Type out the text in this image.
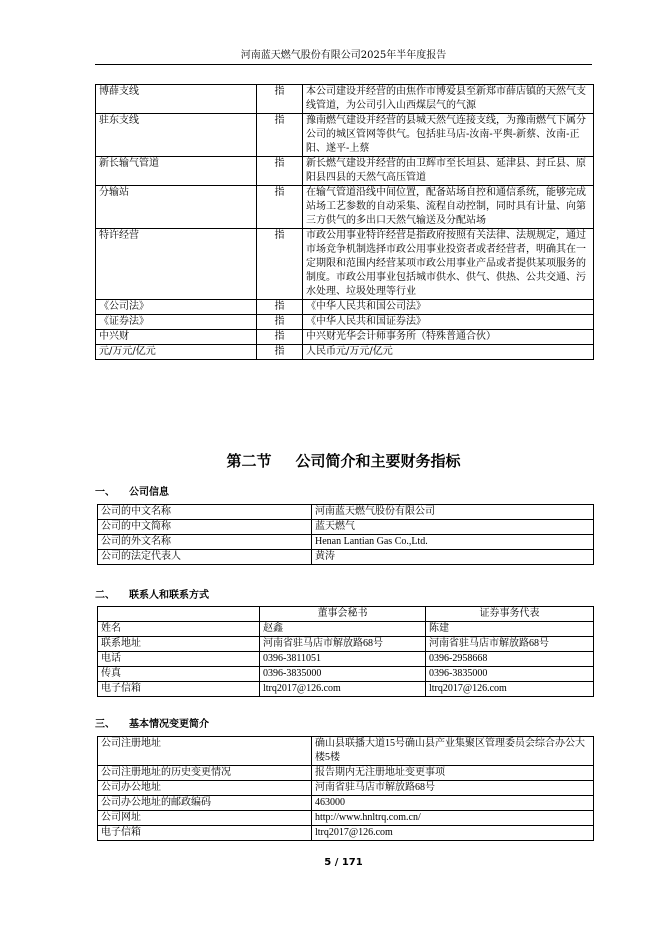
河南蓝天燃气股份有限公司2025年半年度报告
博薛支线	指	本公司建设并经营的由焦作市博爱县至新郑市薛店镇的天然气支线管道，为公司引入山西煤层气的气源
驻东支线	指	豫南燃气建设并经营的县城天然气连接支线，为豫南燃气下属分公司的城区管网等供气。包括驻马店-汝南-平舆-新蔡、汝南-正阳、遂平-上蔡
新长输气管道	指	新长燃气建设并经营的由卫辉市至长垣县、延津县、封丘县、原阳县四县的天然气高压管道
分输站	指	在输气管道沿线中间位置，配备站场自控和通信系统，能够完成站场工艺参数的自动采集、流程自动控制，同时具有计量、向第三方供气的多出口天然气输送及分配站场
特许经营	指	市政公用事业特许经营是指政府按照有关法律、法规规定，通过市场竞争机制选择市政公用事业投资者或者经营者，明确其在一定期限和范围内经营某项市政公用事业产品或者提供某项服务的制度。市政公用事业包括城市供水、供气、供热、公共交通、污水处理、垃圾处理等行业
《公司法》	指	《中华人民共和国公司法》
《证券法》	指	《中华人民共和国证券法》
中兴财	指	中兴财光华会计师事务所（特殊普通合伙）
元/万元/亿元	指	人民币元/万元/亿元
第二节 公司简介和主要财务指标
一、 公司信息
公司的中文名称	河南蓝天燃气股份有限公司
公司的中文简称	蓝天燃气
公司的外文名称	Henan Lantian Gas Co.,Ltd.
公司的法定代表人	黄涛
二、 联系人和联系方式
	董事会秘书	证券事务代表
姓名	赵鑫	陈建
联系地址	河南省驻马店市解放路68号	河南省驻马店市解放路68号
电话	0396-3811051	0396-2958668
传真	0396-3835000	0396-3835000
电子信箱	ltrq2017@126.com	ltrq2017@126.com
三、 基本情况变更简介
公司注册地址	确山县联播大道15号确山县产业集聚区管理委员会综合办公大楼5楼
公司注册地址的历史变更情况	报告期内无注册地址变更事项
公司办公地址	河南省驻马店市解放路68号
公司办公地址的邮政编码	463000
公司网址	http://www.hnltrq.com.cn/
电子信箱	ltrq2017@126.com
5 / 171
